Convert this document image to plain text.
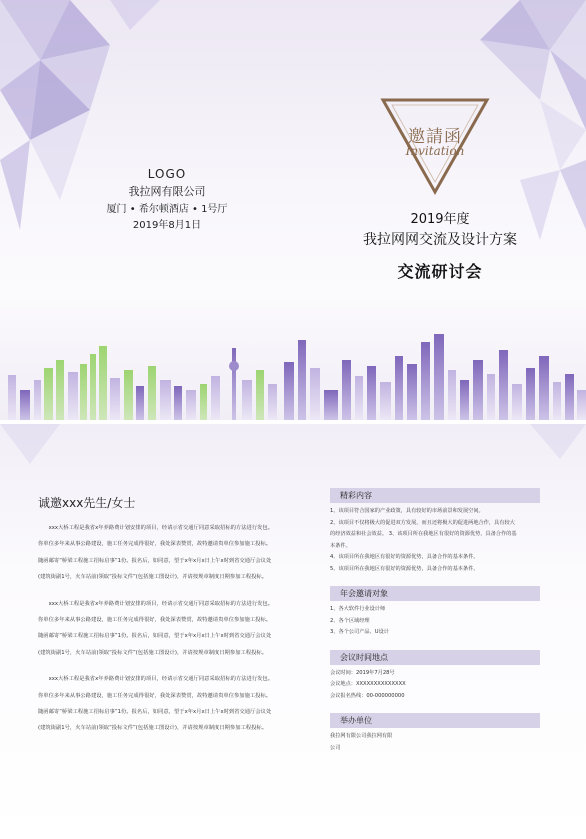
LOGO
我拉网有限公司
厦门 • 希尔顿酒店 • 1号厅
2019年8月1日
邀請函
Invitation
2019年度
我拉网网交流及设计方案
交流研讨会
诚邀xxx先生/女士

xxx大桥工程是我省x年养路费计划安排的项目，经请示省交通厅同意采取招标的方法进行发包。你单位多年来从事公路建设，施工任务完成得很好，我处深表赞赏，故特邀请贵单位参加施工投标。随函邮寄“桥梁工程施工招标启事”1份。报名后，如同意，望于x年x月x日上午x时到省交通厅会议处(建筑街副1号，火车站前)领取“投标文件”(包括施工图设计)，并请按规章制度日期参加工程投标。

xxx大桥工程是我省x年养路费计划安排的项目，经请示省交通厅同意采取招标的方法进行发包。你单位多年来从事公路建设，施工任务完成得很好，我处深表赞赏，故特邀请贵单位参加施工投标。随函邮寄“桥梁工程施工招标启事”1份。报名后，如同意，望于x年x月x日上午x时到省交通厅会议处(建筑街副1号，火车站前)领取“投标文件”(包括施工图设计)，并请按规章制度日期参加工程投标。

xxx大桥工程是我省x年养路费计划安排的项目，经请示省交通厅同意采取招标的方法进行发包。你单位多年来从事公路建设，施工任务完成得很好，我处深表赞赏，故特邀请贵单位参加施工投标。随函邮寄“桥梁工程施工招标启事”1份。报名后，如同意，望于x年x月x日上午x时到省交通厅会议处(建筑街副1号，火车站前)领取“投标文件”(包括施工图设计)，并请按规章制度日期参加工程投标。

精彩内容
1、该项目符合国家的产业政策，具有较好的市场前景和发展空间。
2、该项目不仅将极大的促进双方发展，而且还将极大的促进两地合作，具有较大
的经济效益和社会效益。 3、该项目所在我地区有很好的资源优势，具备合作的基
本条件。
4、该项目所在我地区有很好的资源优势，具备合作的基本条件。
5、该项目所在我地区有很好的资源优势，具备合作的基本条件。
年会邀请对象
1、各大软件行业设计师
2、各个区域经理
3、各个公司产品、U设计
会议时间地点
会议时间：2019年7月28号
会议地点：XXXXXXXXXXXXXX
会议报名热线：00-000000000
举办单位
我拉网有限公司我拉网有限
公司
